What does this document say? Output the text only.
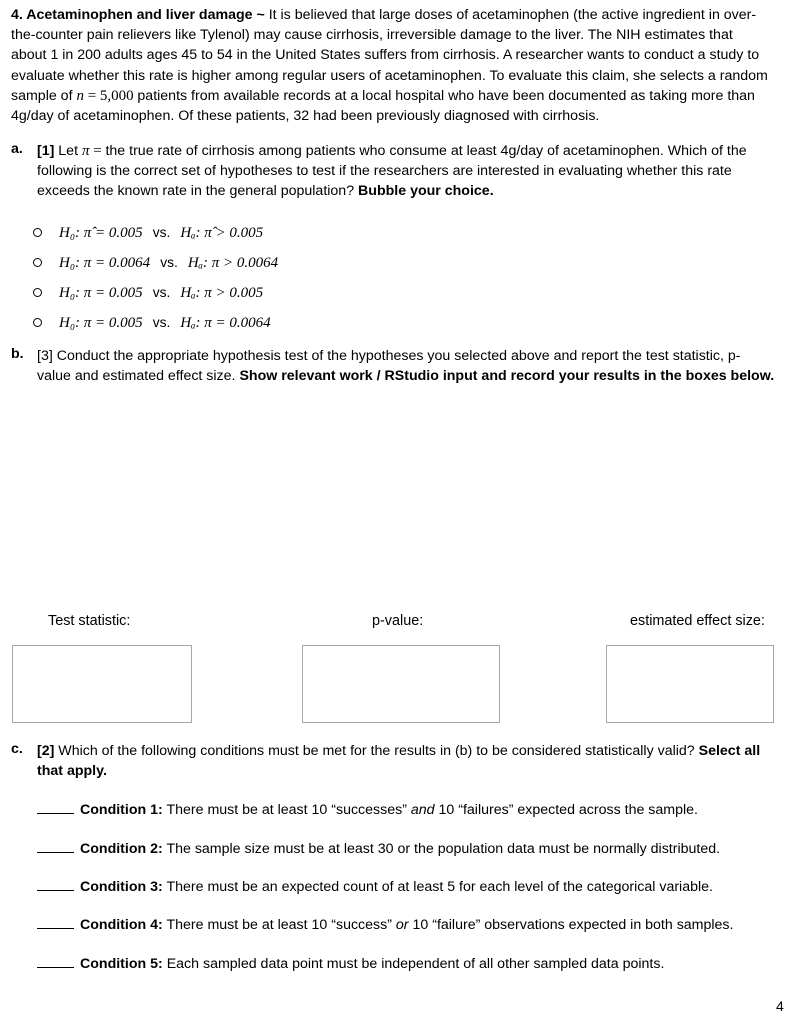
4. Acetaminophen and liver damage ~ It is believed that large doses of acetaminophen (the active ingredient in over-
the-counter pain relievers like Tylenol) may cause cirrhosis, irreversible damage to the liver. The NIH estimates that
about 1 in 200 adults ages 45 to 54 in the United States suffers from cirrhosis. A researcher wants to conduct a study to
evaluate whether this rate is higher among regular users of acetaminophen. To evaluate this claim, she selects a random
sample of n = 5,000 patients from available records at a local hospital who have been documented as taking more than
4g/day of acetaminophen. Of these patients, 32 had been previously diagnosed with cirrhosis.
a. [1] Let π = the true rate of cirrhosis among patients who consume at least 4g/day of acetaminophen. Which of the
following is the correct set of hypotheses to test if the researchers are interested in evaluating whether this rate
exceeds the known rate in the general population? Bubble your choice.
H₀: π̂ = 0.005 vs. Hₐ: π̂ > 0.005
H₀: π = 0.0064 vs. Hₐ: π > 0.0064
H₀: π = 0.005 vs. Hₐ: π > 0.005
H₀: π = 0.005 vs. Hₐ: π = 0.0064
b. [3] Conduct the appropriate hypothesis test of the hypotheses you selected above and report the test statistic, p-
value and estimated effect size. Show relevant work / RStudio input and record your results in the boxes below.
Test statistic:	p-value:	estimated effect size:
c. [2] Which of the following conditions must be met for the results in (b) to be considered statistically valid? Select all
that apply.
Condition 1: There must be at least 10 “successes” and 10 “failures” expected across the sample.
Condition 2: The sample size must be at least 30 or the population data must be normally distributed.
Condition 3: There must be an expected count of at least 5 for each level of the categorical variable.
Condition 4: There must be at least 10 “success” or 10 “failure” observations expected in both samples.
Condition 5: Each sampled data point must be independent of all other sampled data points.
4
